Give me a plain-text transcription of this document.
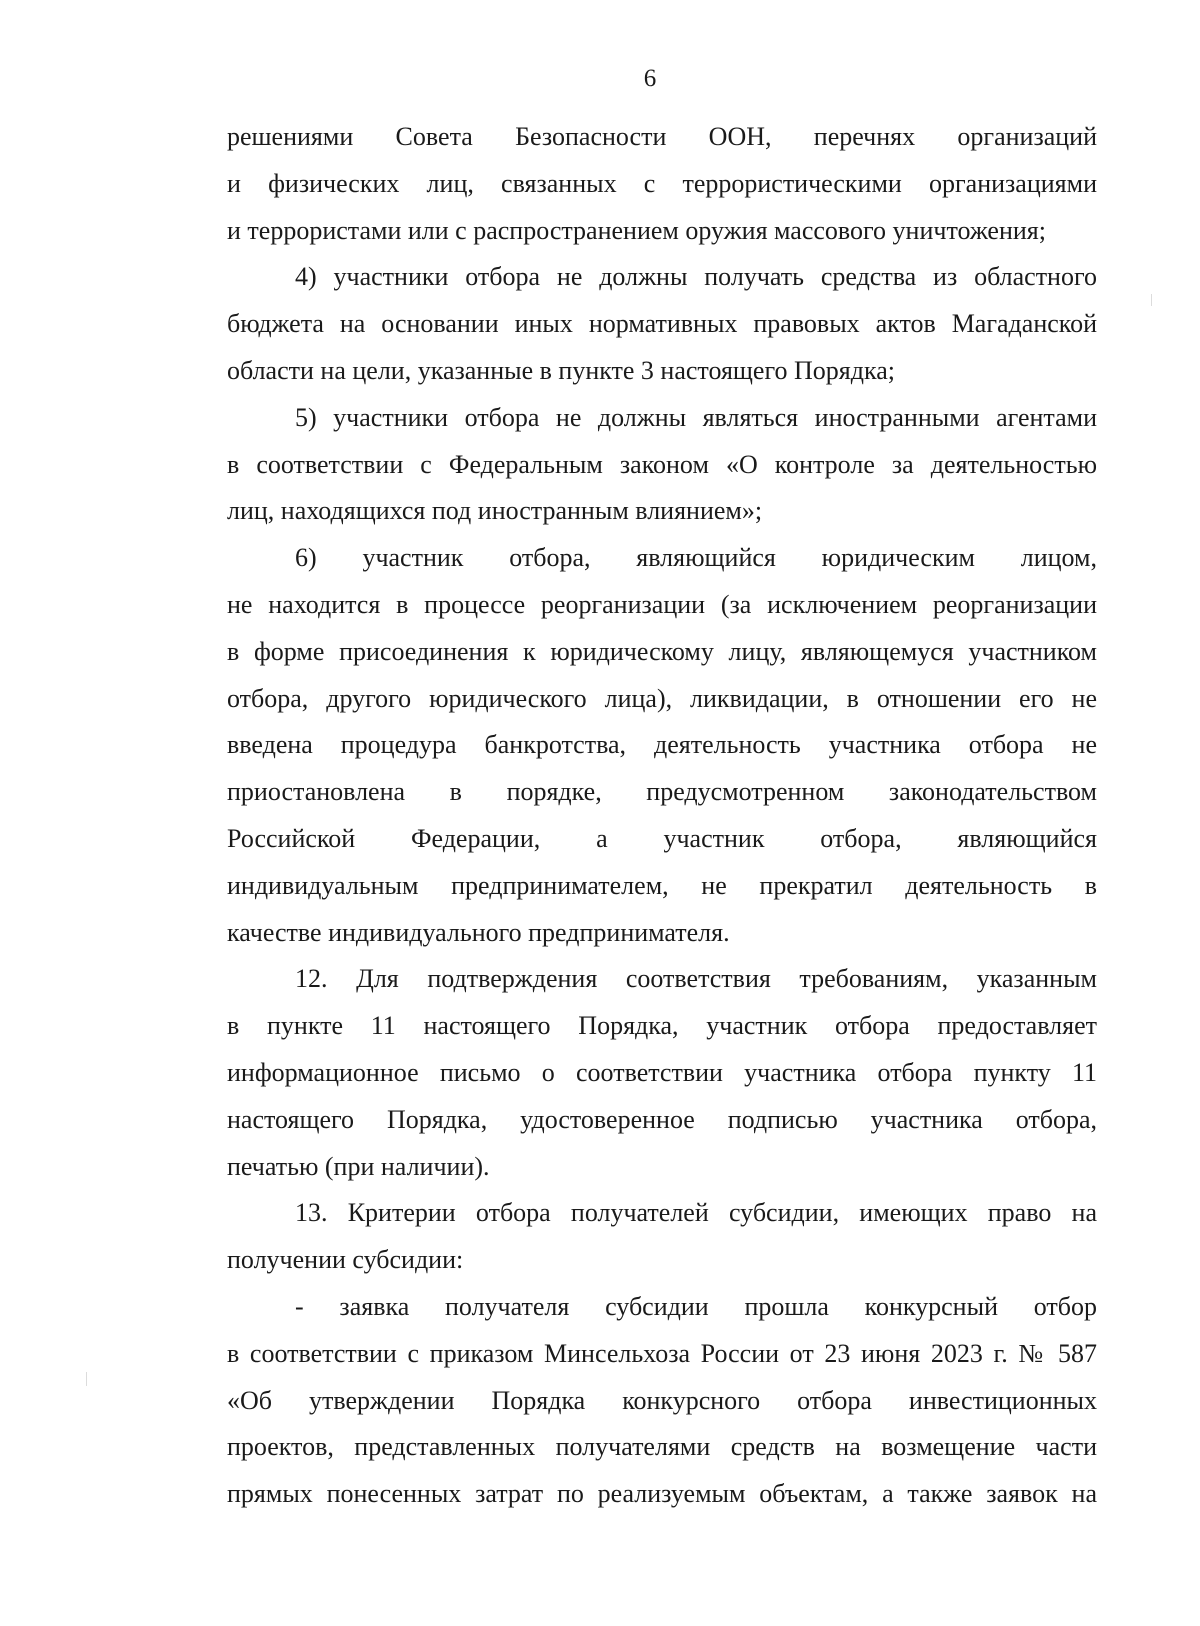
6
решениями Совета Безопасности ООН, перечнях организаций
и физических лиц, связанных с террористическими организациями
и террористами или с распространением оружия массового уничтожения;
4) участники отбора не должны получать средства из областного
бюджета на основании иных нормативных правовых актов Магаданской
области на цели, указанные в пункте 3 настоящего Порядка;
5) участники отбора не должны являться иностранными агентами
в соответствии с Федеральным законом «О контроле за деятельностью
лиц, находящихся под иностранным влиянием»;
6) участник отбора, являющийся юридическим лицом,
не находится в процессе реорганизации (за исключением реорганизации
в форме присоединения к юридическому лицу, являющемуся участником
отбора, другого юридического лица), ликвидации, в отношении его не
введена процедура банкротства, деятельность участника отбора не
приостановлена в порядке, предусмотренном законодательством
Российской Федерации, а участник отбора, являющийся
индивидуальным предпринимателем, не прекратил деятельность в
качестве индивидуального предпринимателя.
12. Для подтверждения соответствия требованиям, указанным
в пункте 11 настоящего Порядка, участник отбора предоставляет
информационное письмо о соответствии участника отбора пункту 11
настоящего Порядка, удостоверенное подписью участника отбора,
печатью (при наличии).
13. Критерии отбора получателей субсидии, имеющих право на
получении субсидии:
- заявка получателя субсидии прошла конкурсный отбор
в соответствии с приказом Минсельхоза России от 23 июня 2023 г. № 587
«Об утверждении Порядка конкурсного отбора инвестиционных
проектов, представленных получателями средств на возмещение части
прямых понесенных затрат по реализуемым объектам, а также заявок на
